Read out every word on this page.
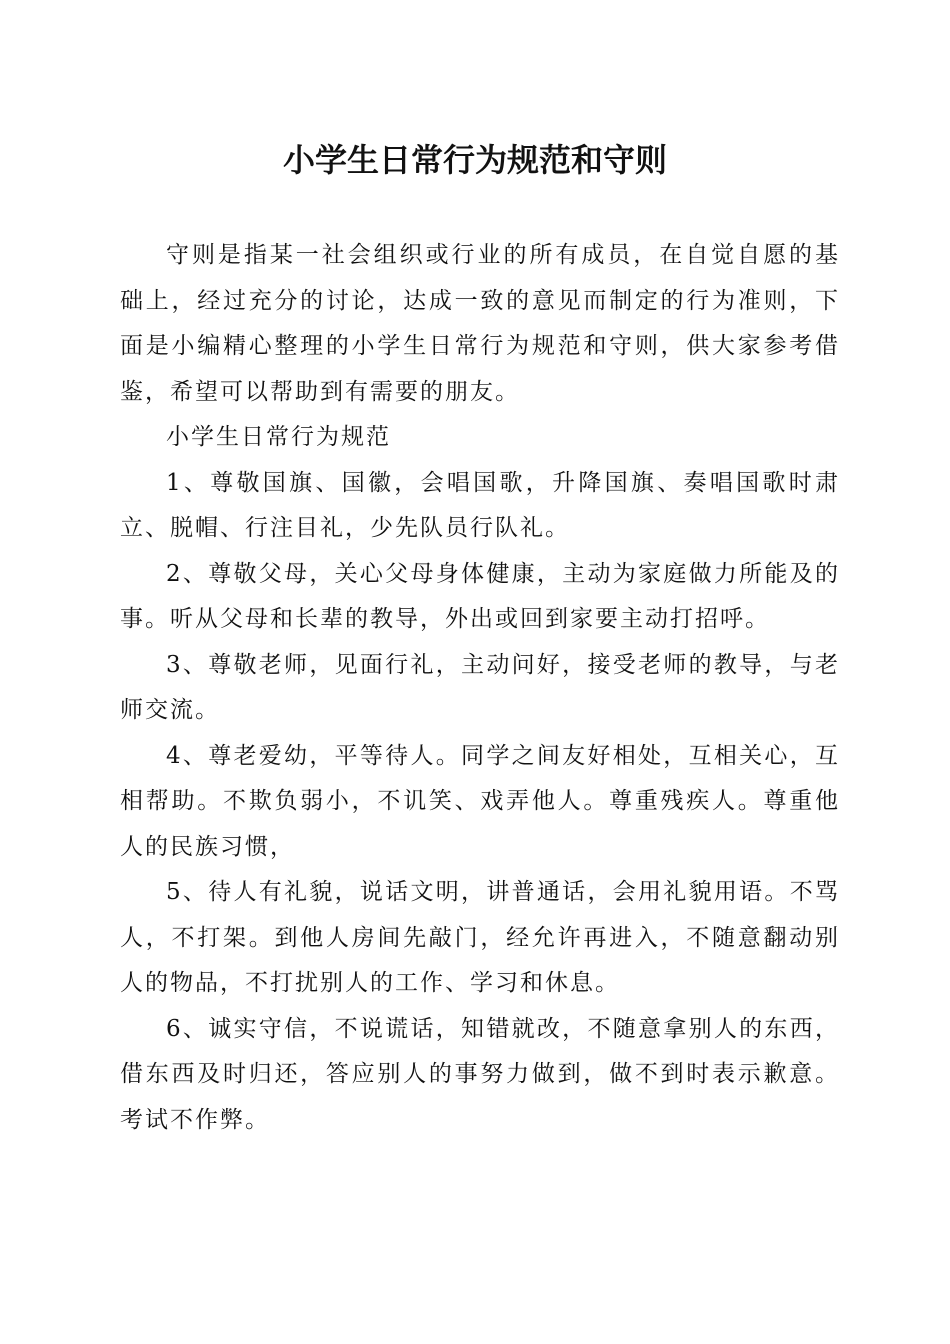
小学生日常行为规范和守则

守则是指某一社会组织或行业的所有成员，在自觉自愿的基础上，经过充分的讨论，达成一致的意见而制定的行为准则，下面是小编精心整理的小学生日常行为规范和守则，供大家参考借鉴，希望可以帮助到有需要的朋友。

小学生日常行为规范

1、尊敬国旗、国徽，会唱国歌，升降国旗、奏唱国歌时肃立、脱帽、行注目礼，少先队员行队礼。

2、尊敬父母，关心父母身体健康，主动为家庭做力所能及的事。听从父母和长辈的教导，外出或回到家要主动打招呼。

3、尊敬老师，见面行礼，主动问好，接受老师的教导，与老师交流。

4、尊老爱幼，平等待人。同学之间友好相处，互相关心，互相帮助。不欺负弱小，不讥笑、戏弄他人。尊重残疾人。尊重他人的民族习惯，

5、待人有礼貌，说话文明，讲普通话，会用礼貌用语。不骂人，不打架。到他人房间先敲门，经允许再进入，不随意翻动别人的物品，不打扰别人的工作、学习和休息。

6、诚实守信，不说谎话，知错就改，不随意拿别人的东西，借东西及时归还，答应别人的事努力做到，做不到时表示歉意。考试不作弊。
